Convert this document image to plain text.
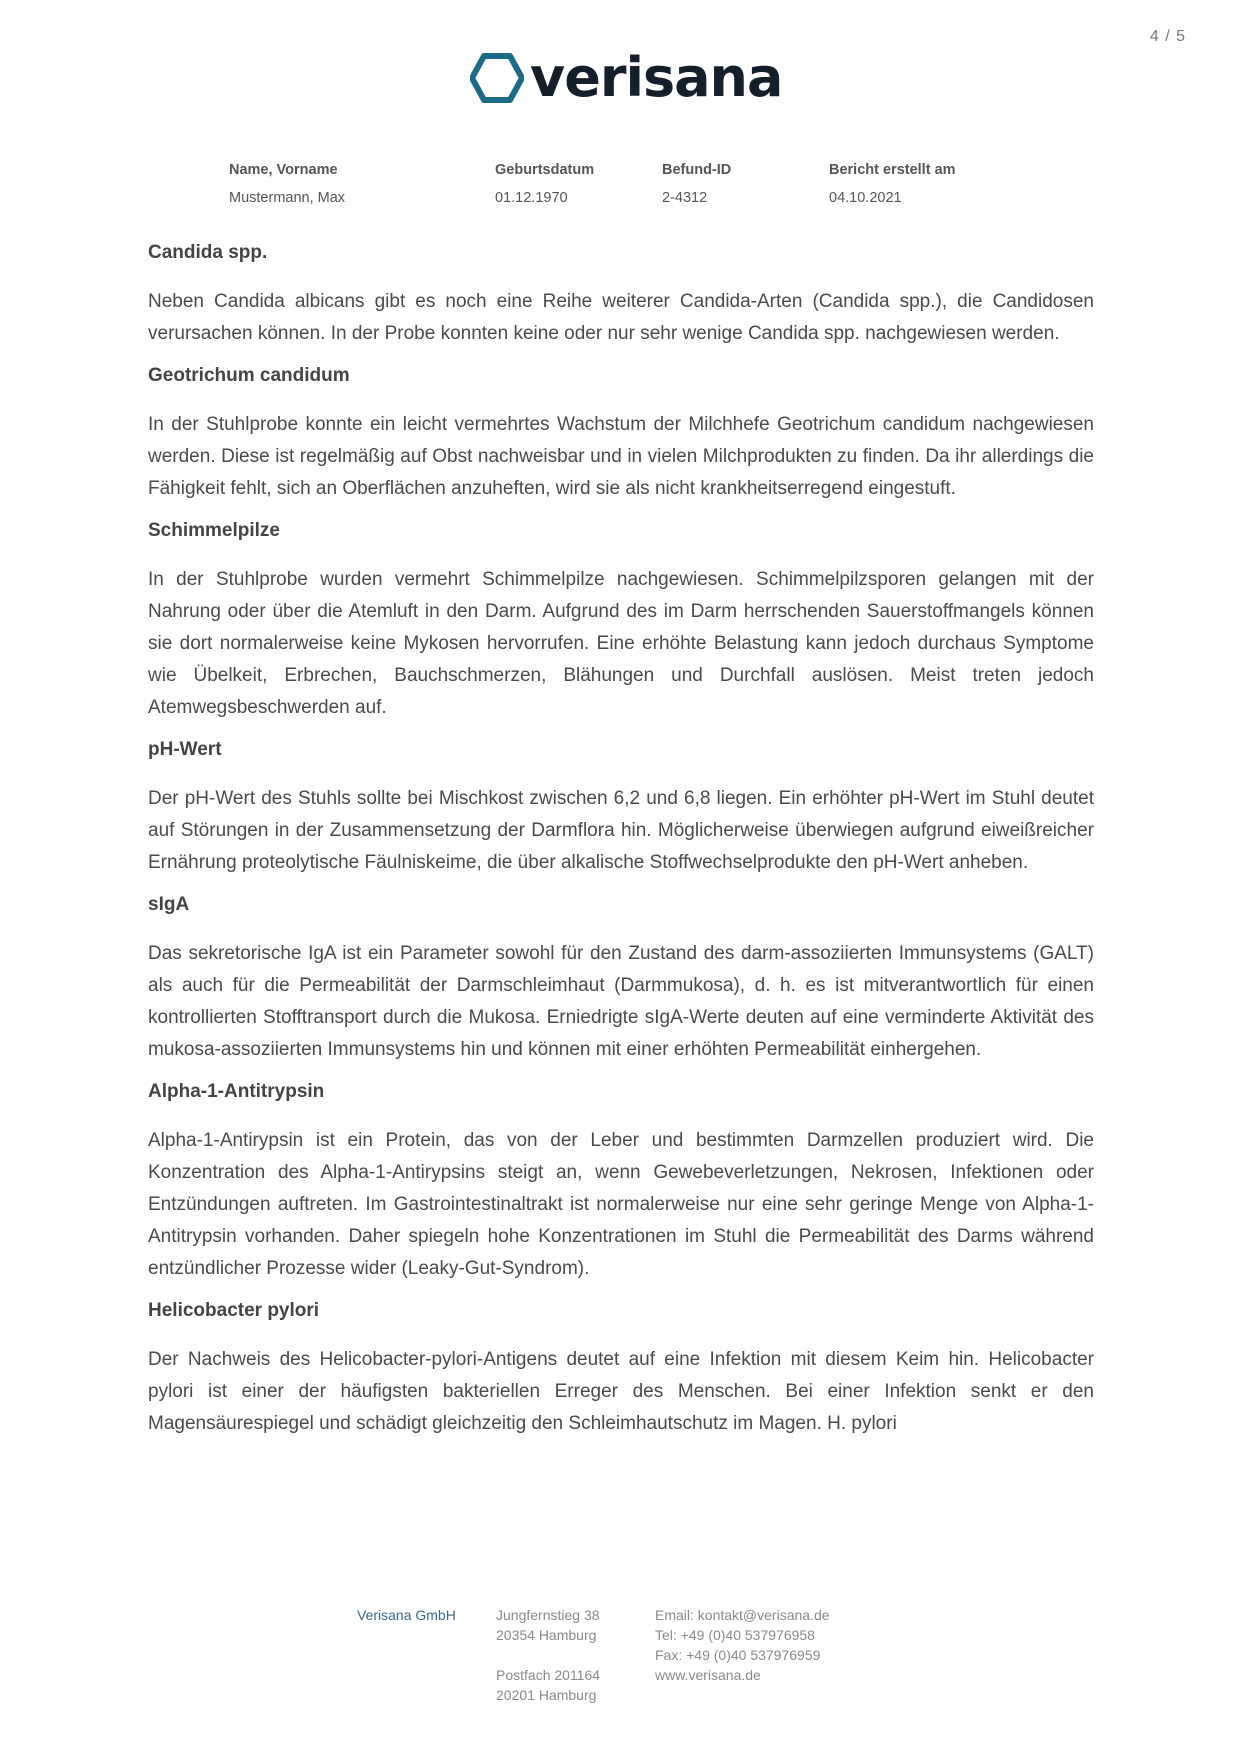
4 / 5
verisana
Name, Vorname
Mustermann, Max
Geburtsdatum
01.12.1970
Befund-ID
2-4312
Bericht erstellt am
04.10.2021
Candida spp.

Neben Candida albicans gibt es noch eine Reihe weiterer Candida-Arten (Candida spp.), die Candidosen verursachen können. In der Probe konnten keine oder nur sehr wenige Candida spp. nachgewiesen werden.

Geotrichum candidum

In der Stuhlprobe konnte ein leicht vermehrtes Wachstum der Milchhefe Geotrichum candidum nachgewiesen werden. Diese ist regelmäßig auf Obst nachweisbar und in vielen Milchprodukten zu finden. Da ihr allerdings die Fähigkeit fehlt, sich an Oberflächen anzuheften, wird sie als nicht krankheitserregend eingestuft.

Schimmelpilze

In der Stuhlprobe wurden vermehrt Schimmelpilze nachgewiesen. Schimmelpilzsporen gelangen mit der Nahrung oder über die Atemluft in den Darm. Aufgrund des im Darm herrschenden Sauerstoffmangels können sie dort normalerweise keine Mykosen hervorrufen. Eine erhöhte Belastung kann jedoch durchaus Symptome wie Übelkeit, Erbrechen, Bauchschmerzen, Blähungen und Durchfall auslösen. Meist treten jedoch Atemwegsbeschwerden auf.

pH-Wert

Der pH-Wert des Stuhls sollte bei Mischkost zwischen 6,2 und 6,8 liegen. Ein erhöhter pH-Wert im Stuhl deutet auf Störungen in der Zusammensetzung der Darmflora hin. Möglicherweise überwiegen aufgrund eiweißreicher Ernährung proteolytische Fäulniskeime, die über alkalische Stoffwechselprodukte den pH-Wert anheben.

sIgA

Das sekretorische IgA ist ein Parameter sowohl für den Zustand des darm-assoziierten Immunsystems (GALT) als auch für die Permeabilität der Darmschleimhaut (Darmmukosa), d. h. es ist mitverantwortlich für einen kontrollierten Stofftransport durch die Mukosa. Erniedrigte sIgA-Werte deuten auf eine verminderte Aktivität des mukosa-assoziierten Immunsystems hin und können mit einer erhöhten Permeabilität einhergehen.

Alpha-1-Antitrypsin

Alpha-1-Antirypsin ist ein Protein, das von der Leber und bestimmten Darmzellen produziert wird. Die Konzentration des Alpha-1-Antirypsins steigt an, wenn Gewebeverletzungen, Nekrosen, Infektionen oder Entzündungen auftreten. Im Gastrointestinaltrakt ist normalerweise nur eine sehr geringe Menge von Alpha-1-Antitrypsin vorhanden. Daher spiegeln hohe Konzentrationen im Stuhl die Permeabilität des Darms während entzündlicher Prozesse wider (Leaky-Gut-Syndrom).

Helicobacter pylori

Der Nachweis des Helicobacter-pylori-Antigens deutet auf eine Infektion mit diesem Keim hin. Helicobacter pylori ist einer der häufigsten bakteriellen Erreger des Menschen. Bei einer Infektion senkt er den Magensäurespiegel und schädigt gleichzeitig den Schleimhautschutz im Magen. H. pylori

Verisana GmbH	Jungfernstieg 38
20354 Hamburg
Postfach 201164
20201 Hamburg
Email: kontakt@verisana.de
Tel: +49 (0)40 537976958
Fax: +49 (0)40 537976959
www.verisana.de
